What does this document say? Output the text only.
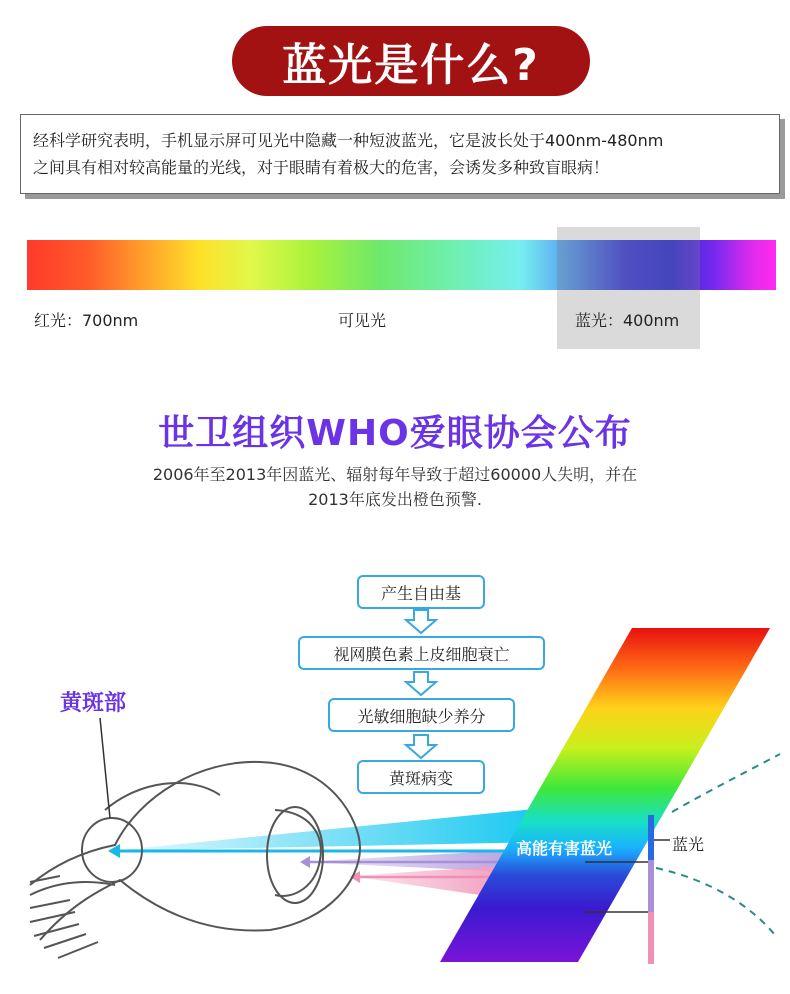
蓝光是什么?
经科学研究表明，手机显示屏可见光中隐藏一种短波蓝光，它是波长处于400nm-480nm
之间具有相对较高能量的光线，对于眼睛有着极大的危害，会诱发多种致盲眼病！
红光：700nm	可见光	蓝光：400nm
世卫组织WHO爱眼协会公布
2006年至2013年因蓝光、辐射每年导致于超过60000人失明，并在
2013年底发出橙色预警.
产生自由基
视网膜色素上皮细胞衰亡
光敏细胞缺少养分
黄斑病变
黄斑部
高能有害蓝光	蓝光
